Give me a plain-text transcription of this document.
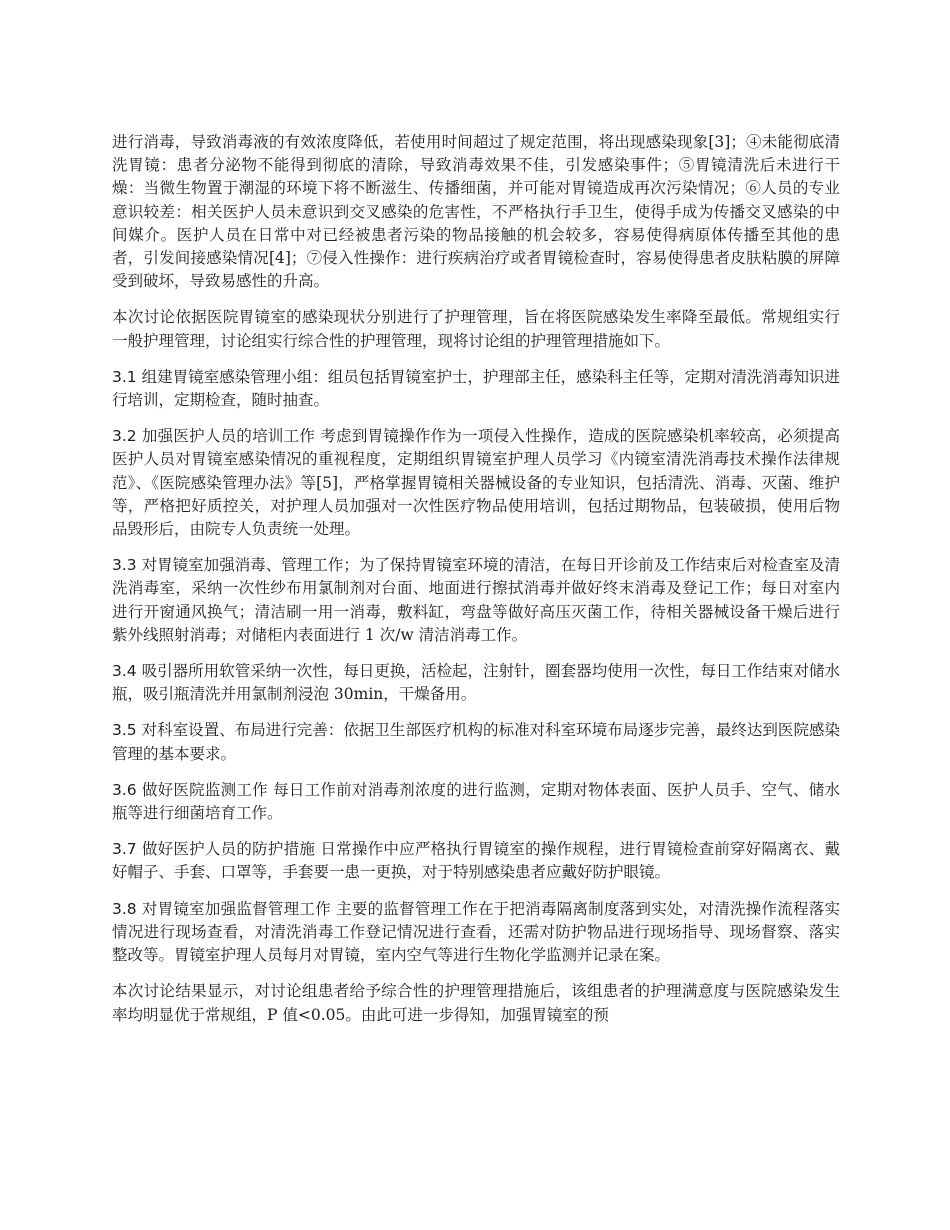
进行消毒，导致消毒液的有效浓度降低，若使用时间超过了规定范围，将出现感染现象[3]；④未能彻底清洗胃镜：患者分泌物不能得到彻底的清除，导致消毒效果不佳，引发感染事件；⑤胃镜清洗后未进行干燥：当微生物置于潮湿的环境下将不断滋生、传播细菌，并可能对胃镜造成再次污染情况；⑥人员的专业意识较差：相关医护人员未意识到交叉感染的危害性，不严格执行手卫生，使得手成为传播交叉感染的中间媒介。医护人员在日常中对已经被患者污染的物品接触的机会较多，容易使得病原体传播至其他的患者，引发间接感染情况[4]；⑦侵入性操作：进行疾病治疗或者胃镜检查时，容易使得患者皮肤粘膜的屏障受到破坏，导致易感性的升高。

本次讨论依据医院胃镜室的感染现状分别进行了护理管理，旨在将医院感染发生率降至最低。常规组实行一般护理管理，讨论组实行综合性的护理管理，现将讨论组的护理管理措施如下。

3.1 组建胃镜室感染管理小组：组员包括胃镜室护士，护理部主任，感染科主任等，定期对清洗消毒知识进行培训，定期检查，随时抽查。

3.2 加强医护人员的培训工作 考虑到胃镜操作作为一项侵入性操作，造成的医院感染机率较高，必须提高医护人员对胃镜室感染情况的重视程度，定期组织胃镜室护理人员学习《内镜室清洗消毒技术操作法律规范》、《医院感染管理办法》等[5]，严格掌握胃镜相关器械设备的专业知识，包括清洗、消毒、灭菌、维护等，严格把好质控关，对护理人员加强对一次性医疗物品使用培训，包括过期物品，包装破损，使用后物品毁形后，由院专人负责统一处理。

3.3 对胃镜室加强消毒、管理工作；为了保持胃镜室环境的清洁，在每日开诊前及工作结束后对检查室及清洗消毒室，采纳一次性纱布用氯制剂对台面、地面进行擦拭消毒并做好终末消毒及登记工作；每日对室内进行开窗通风换气；清洁刷一用一消毒，敷料缸，弯盘等做好高压灭菌工作，待相关器械设备干燥后进行紫外线照射消毒；对储柜内表面进行 1 次/w 清洁消毒工作。

3.4 吸引器所用软管采纳一次性，每日更换，活检起，注射针，圈套器均使用一次性，每日工作结束对储水瓶，吸引瓶清洗并用氯制剂浸泡 30min，干燥备用。

3.5 对科室设置、布局进行完善：依据卫生部医疗机构的标准对科室环境布局逐步完善，最终达到医院感染管理的基本要求。

3.6 做好医院监测工作 每日工作前对消毒剂浓度的进行监测，定期对物体表面、医护人员手、空气、储水瓶等进行细菌培育工作。

3.7 做好医护人员的防护措施 日常操作中应严格执行胃镜室的操作规程，进行胃镜检查前穿好隔离衣、戴好帽子、手套、口罩等，手套要一患一更换，对于特别感染患者应戴好防护眼镜。

3.8 对胃镜室加强监督管理工作 主要的监督管理工作在于把消毒隔离制度落到实处，对清洗操作流程落实情况进行现场查看，对清洗消毒工作登记情况进行查看，还需对防护物品进行现场指导、现场督察、落实整改等。胃镜室护理人员每月对胃镜，室内空气等进行生物化学监测并记录在案。

本次讨论结果显示，对讨论组患者给予综合性的护理管理措施后，该组患者的护理满意度与医院感染发生率均明显优于常规组，P 值<0.05。由此可进一步得知，加强胃镜室的预
